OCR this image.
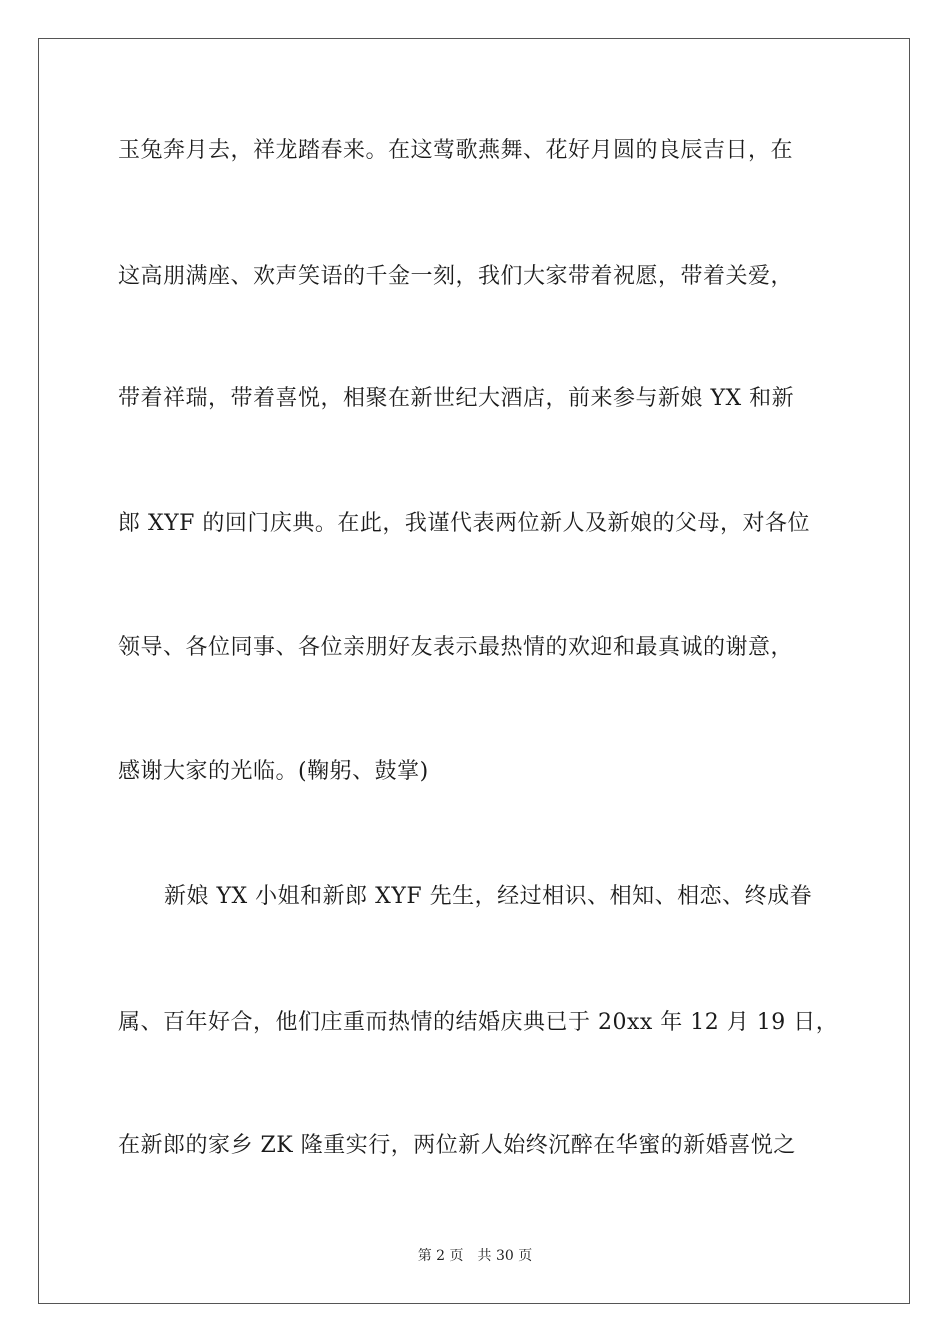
玉兔奔月去，祥龙踏春来。在这莺歌燕舞、花好月圆的良辰吉日，在
这高朋满座、欢声笑语的千金一刻，我们大家带着祝愿，带着关爱，
带着祥瑞，带着喜悦，相聚在新世纪大酒店，前来参与新娘 YX 和新
郎 XYF 的回门庆典。在此，我谨代表两位新人及新娘的父母，对各位
领导、各位同事、各位亲朋好友表示最热情的欢迎和最真诚的谢意，
感谢大家的光临。(鞠躬、鼓掌)
新娘 YX 小姐和新郎 XYF 先生，经过相识、相知、相恋、终成眷
属、百年好合，他们庄重而热情的结婚庆典已于 20xx 年 12 月 19 日，
在新郎的家乡 ZK 隆重实行，两位新人始终沉醉在华蜜的新婚喜悦之
第 2 页 共 30 页
